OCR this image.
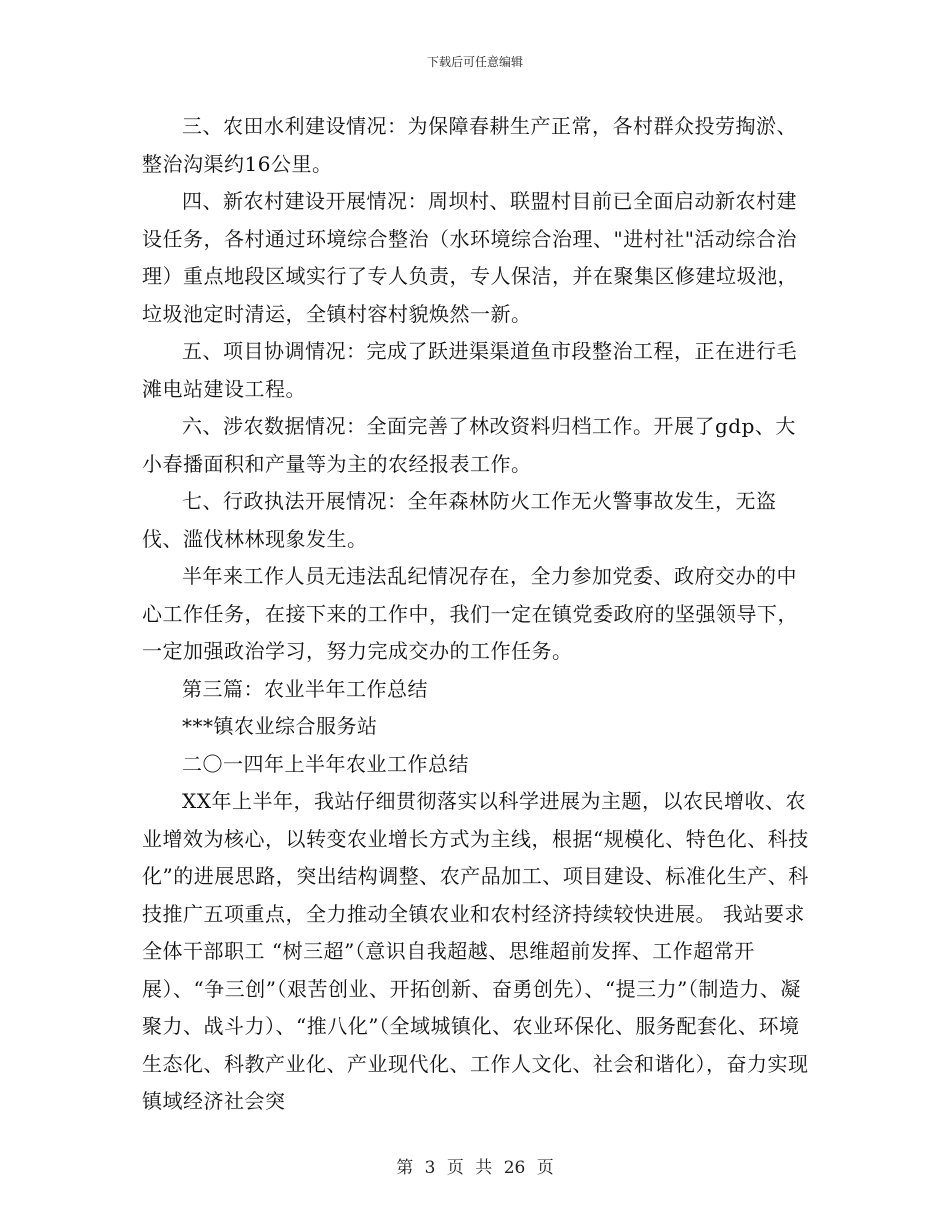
下载后可任意编辑

三、农田水利建设情况：为保障春耕生产正常，各村群众投劳掏淤、整治沟渠约16公里。

四、新农村建设开展情况：周坝村、联盟村目前已全面启动新农村建设任务，各村通过环境综合整治（水环境综合治理、"进村社"活动综合治理）重点地段区域实行了专人负责，专人保洁，并在聚集区修建垃圾池，垃圾池定时清运，全镇村容村貌焕然一新。

五、项目协调情况：完成了跃进渠渠道鱼市段整治工程，正在进行毛滩电站建设工程。

六、涉农数据情况：全面完善了林改资料归档工作。开展了gdp、大小春播面积和产量等为主的农经报表工作。

七、行政执法开展情况：全年森林防火工作无火警事故发生，无盗伐、滥伐林林现象发生。

半年来工作人员无违法乱纪情况存在，全力参加党委、政府交办的中心工作任务，在接下来的工作中，我们一定在镇党委政府的坚强领导下，一定加强政治学习，努力完成交办的工作任务。

第三篇：农业半年工作总结

***镇农业综合服务站

二〇一四年上半年农业工作总结

XX年上半年，我站仔细贯彻落实以科学进展为主题，以农民增收、农业增效为核心，以转变农业增长方式为主线，根据“规模化、特色化、科技化”的进展思路，突出结构调整、农产品加工、项目建设、标准化生产、科技推广五项重点，全力推动全镇农业和农村经济持续较快进展。 我站要求全体干部职工 “树三超”（意识自我超越、思维超前发挥、工作超常开展）、“争三创”（艰苦创业、开拓创新、奋勇创先）、“提三力”（制造力、凝聚力、战斗力）、“推八化”（全域城镇化、农业环保化、服务配套化、环境生态化、科教产业化、产业现代化、工作人文化、社会和谐化），奋力实现镇域经济社会突

第 3 页 共 26 页
